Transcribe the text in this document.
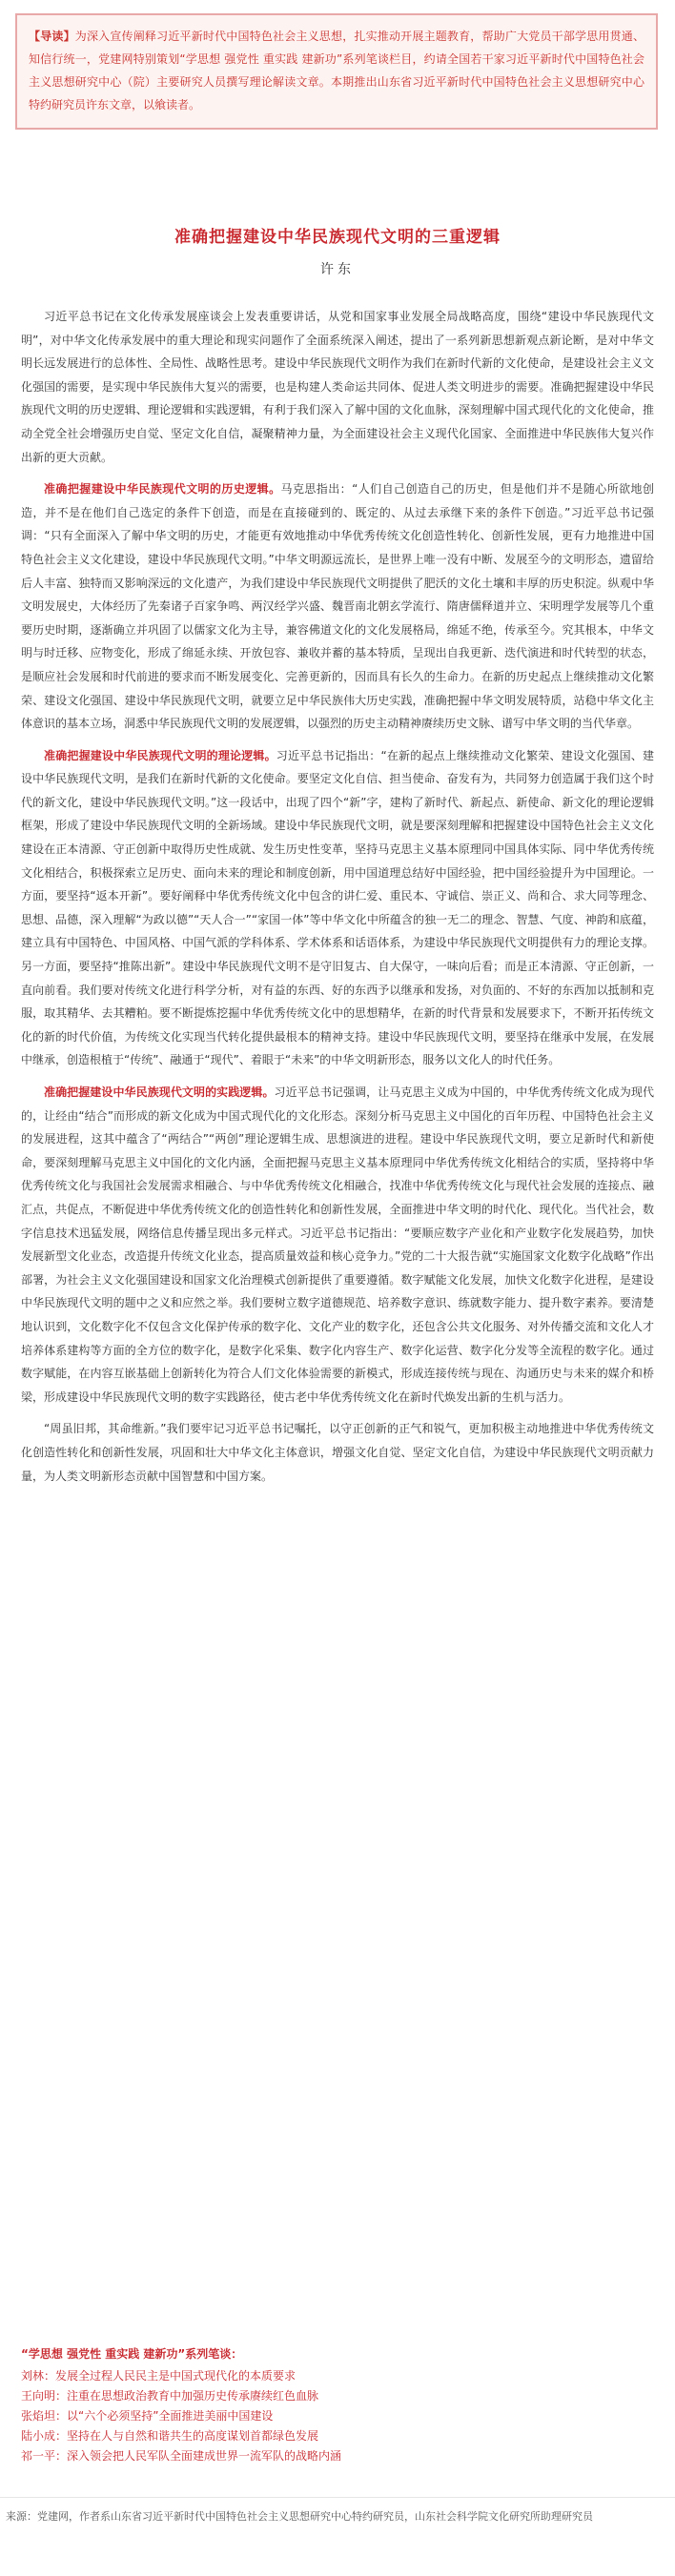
【导读】为深入宣传阐释习近平新时代中国特色社会主义思想，扎实推动开展主题教育，帮助广大党员干部学思用贯通、知信行统一，党建网特别策划“学思想 强党性 重实践 建新功”系列笔谈栏目，约请全国若干家习近平新时代中国特色社会主义思想研究中心（院）主要研究人员撰写理论解读文章。本期推出山东省习近平新时代中国特色社会主义思想研究中心特约研究员许东文章，以飨读者。
准确把握建设中华民族现代文明的三重逻辑
许东

习近平总书记在文化传承发展座谈会上发表重要讲话，从党和国家事业发展全局战略高度，围绕“建设中华民族现代文明”，对中华文化传承发展中的重大理论和现实问题作了全面系统深入阐述，提出了一系列新思想新观点新论断，是对中华文明长远发展进行的总体性、全局性、战略性思考。建设中华民族现代文明作为我们在新时代新的文化使命，是建设社会主义文化强国的需要，是实现中华民族伟大复兴的需要，也是构建人类命运共同体、促进人类文明进步的需要。准确把握建设中华民族现代文明的历史逻辑、理论逻辑和实践逻辑，有利于我们深入了解中国的文化血脉，深刻理解中国式现代化的文化使命，推动全党全社会增强历史自觉、坚定文化自信，凝聚精神力量，为全面建设社会主义现代化国家、全面推进中华民族伟大复兴作出新的更大贡献。

准确把握建设中华民族现代文明的历史逻辑。马克思指出：“人们自己创造自己的历史，但是他们并不是随心所欲地创造，并不是在他们自己选定的条件下创造，而是在直接碰到的、既定的、从过去承继下来的条件下创造。”习近平总书记强调：“只有全面深入了解中华文明的历史，才能更有效地推动中华优秀传统文化创造性转化、创新性发展，更有力地推进中国特色社会主义文化建设，建设中华民族现代文明。”中华文明源远流长，是世界上唯一没有中断、发展至今的文明形态，遗留给后人丰富、独特而又影响深远的文化遗产，为我们建设中华民族现代文明提供了肥沃的文化土壤和丰厚的历史积淀。纵观中华文明发展史，大体经历了先秦诸子百家争鸣、两汉经学兴盛、魏晋南北朝玄学流行、隋唐儒释道并立、宋明理学发展等几个重要历史时期，逐渐确立并巩固了以儒家文化为主导，兼容佛道文化的文化发展格局，绵延不绝，传承至今。究其根本，中华文明与时迁移、应物变化，形成了绵延永续、开放包容、兼收并蓄的基本特质，呈现出自我更新、迭代演进和时代转型的状态，是顺应社会发展和时代前进的要求而不断发展变化、完善更新的，因而具有长久的生命力。在新的历史起点上继续推动文化繁荣、建设文化强国、建设中华民族现代文明，就要立足中华民族伟大历史实践，准确把握中华文明发展特质，站稳中华文化主体意识的基本立场，洞悉中华民族现代文明的发展逻辑，以强烈的历史主动精神赓续历史文脉、谱写中华文明的当代华章。

准确把握建设中华民族现代文明的理论逻辑。习近平总书记指出：“在新的起点上继续推动文化繁荣、建设文化强国、建设中华民族现代文明，是我们在新时代新的文化使命。要坚定文化自信、担当使命、奋发有为，共同努力创造属于我们这个时代的新文化，建设中华民族现代文明。”这一段话中，出现了四个“新”字，建构了新时代、新起点、新使命、新文化的理论逻辑框架，形成了建设中华民族现代文明的全新场域。建设中华民族现代文明，就是要深刻理解和把握建设中国特色社会主义文化建设在正本清源、守正创新中取得历史性成就、发生历史性变革，坚持马克思主义基本原理同中国具体实际、同中华优秀传统文化相结合，积极探索立足历史、面向未来的理论和制度创新，用中国道理总结好中国经验，把中国经验提升为中国理论。一方面，要坚持“返本开新”。要好阐释中华优秀传统文化中包含的讲仁爱、重民本、守诚信、崇正义、尚和合、求大同等理念、思想、品德，深入理解“为政以德”“天人合一”“家国一体”等中华文化中所蕴含的独一无二的理念、智慧、气度、神韵和底蕴，建立具有中国特色、中国风格、中国气派的学科体系、学术体系和话语体系，为建设中华民族现代文明提供有力的理论支撑。另一方面，要坚持“推陈出新”。建设中华民族现代文明不是守旧复古、自大保守，一味向后看；而是正本清源、守正创新，一直向前看。我们要对传统文化进行科学分析，对有益的东西、好的东西予以继承和发扬，对负面的、不好的东西加以抵制和克服，取其精华、去其糟粕。要不断提炼挖掘中华优秀传统文化中的思想精华，在新的时代背景和发展要求下，不断开拓传统文化的新的时代价值，为传统文化实现当代转化提供最根本的精神支持。建设中华民族现代文明，要坚持在继承中发展，在发展中继承，创造根植于“传统”、融通于“现代”、着眼于“未来”的中华文明新形态，服务以文化人的时代任务。

准确把握建设中华民族现代文明的实践逻辑。习近平总书记强调，让马克思主义成为中国的，中华优秀传统文化成为现代的，让经由“结合”而形成的新文化成为中国式现代化的文化形态。深刻分析马克思主义中国化的百年历程、中国特色社会主义的发展进程，这其中蕴含了“两结合”“两创”理论逻辑生成、思想演进的进程。建设中华民族现代文明，要立足新时代和新使命，要深刻理解马克思主义中国化的文化内涵，全面把握马克思主义基本原理同中华优秀传统文化相结合的实质，坚持将中华优秀传统文化与我国社会发展需求相融合、与中华优秀传统文化相融合，找准中华优秀传统文化与现代社会发展的连接点、融汇点，共促点，不断促进中华优秀传统文化的创造性转化和创新性发展，全面推进中华文明的时代化、现代化。当代社会，数字信息技术迅猛发展，网络信息传播呈现出多元样式。习近平总书记指出：“要顺应数字产业化和产业数字化发展趋势，加快发展新型文化业态，改造提升传统文化业态，提高质量效益和核心竞争力。”党的二十大报告就“实施国家文化数字化战略”作出部署，为社会主义文化强国建设和国家文化治理模式创新提供了重要遵循。数字赋能文化发展，加快文化数字化进程，是建设中华民族现代文明的题中之义和应然之举。我们要树立数字道德规范、培养数字意识、练就数字能力、提升数字素养。要清楚地认识到，文化数字化不仅包含文化保护传承的数字化、文化产业的数字化，还包含公共文化服务、对外传播交流和文化人才培养体系建构等方面的全方位的数字化，是数字化采集、数字化内容生产、数字化运营、数字化分发等全流程的数字化。通过数字赋能，在内容互嵌基础上创新转化为符合人们文化体验需要的新模式，形成连接传统与现在、沟通历史与未来的媒介和桥梁，形成建设中华民族现代文明的数字实践路径，使古老中华优秀传统文化在新时代焕发出新的生机与活力。

“周虽旧邦，其命维新。”我们要牢记习近平总书记嘱托，以守正创新的正气和锐气，更加积极主动地推进中华优秀传统文化创造性转化和创新性发展，巩固和壮大中华文化主体意识，增强文化自觉、坚定文化自信，为建设中华民族现代文明贡献力量，为人类文明新形态贡献中国智慧和中国方案。

“学思想 强党性 重实践 建新功”系列笔谈：
刘林：发展全过程人民民主是中国式现代化的本质要求
王向明：注重在思想政治教育中加强历史传承赓续红色血脉
张焰坦：以“六个必须坚持”全面推进美丽中国建设
陆小成：坚持在人与自然和谐共生的高度谋划首都绿色发展
祁一平：深入领会把人民军队全面建成世界一流军队的战略内涵
来源：党建网，作者系山东省习近平新时代中国特色社会主义思想研究中心特约研究员，山东社会科学院文化研究所助理研究员
